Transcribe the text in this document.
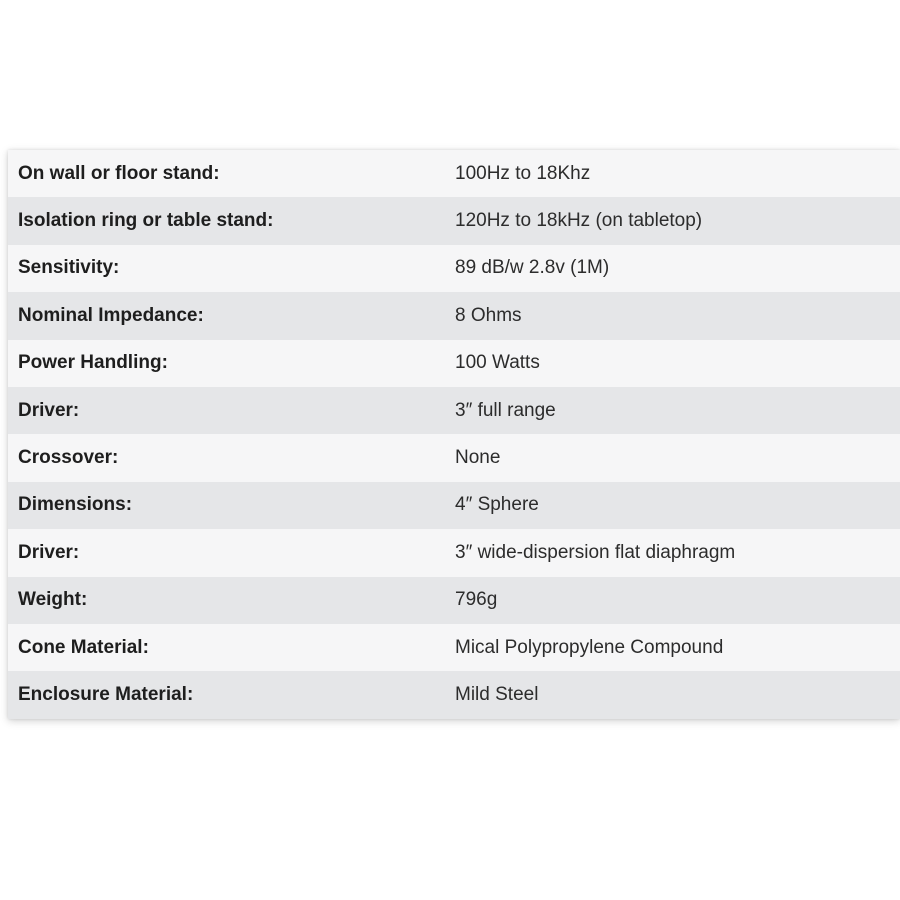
On wall or floor stand:	100Hz to 18Khz
Isolation ring or table stand:	120Hz to 18kHz (on tabletop)
Sensitivity:	89 dB/w 2.8v (1M)
Nominal Impedance:	8 Ohms
Power Handling:	100 Watts
Driver:	3″ full range
Crossover:	None
Dimensions:	4″ Sphere
Driver:	3″ wide-dispersion flat diaphragm
Weight:	796g
Cone Material:	Mical Polypropylene Compound
Enclosure Material:	Mild Steel
